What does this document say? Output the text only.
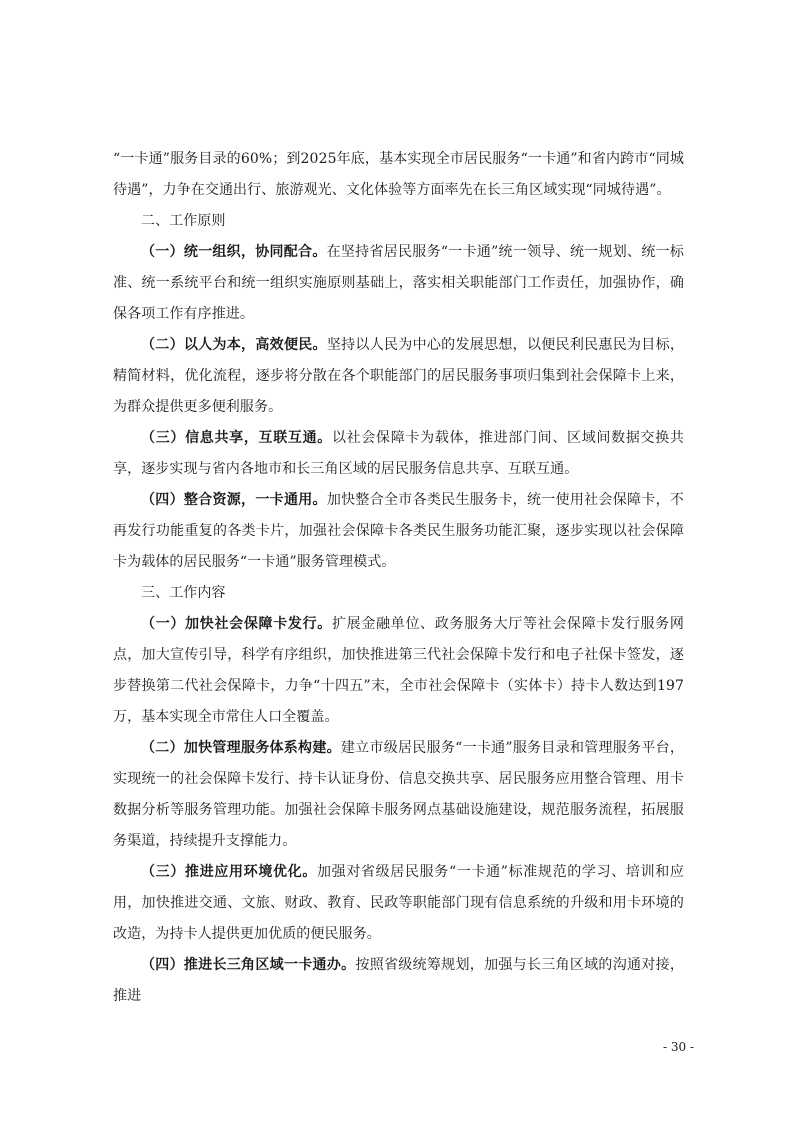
“一卡通”服务目录的60%；到2025年底，基本实现全市居民服务“一卡通”和省内跨市“同城待遇”，力争在交通出行、旅游观光、文化体验等方面率先在长三角区域实现“同城待遇”。

二、工作原则

（一）统一组织，协同配合。在坚持省居民服务“一卡通”统一领导、统一规划、统一标准、统一系统平台和统一组织实施原则基础上，落实相关职能部门工作责任，加强协作，确保各项工作有序推进。

（二）以人为本，高效便民。坚持以人民为中心的发展思想，以便民利民惠民为目标，精简材料，优化流程，逐步将分散在各个职能部门的居民服务事项归集到社会保障卡上来，为群众提供更多便利服务。

（三）信息共享，互联互通。以社会保障卡为载体，推进部门间、区域间数据交换共享，逐步实现与省内各地市和长三角区域的居民服务信息共享、互联互通。

（四）整合资源，一卡通用。加快整合全市各类民生服务卡，统一使用社会保障卡，不再发行功能重复的各类卡片，加强社会保障卡各类民生服务功能汇聚，逐步实现以社会保障卡为载体的居民服务“一卡通”服务管理模式。

三、工作内容

（一）加快社会保障卡发行。扩展金融单位、政务服务大厅等社会保障卡发行服务网点，加大宣传引导，科学有序组织，加快推进第三代社会保障卡发行和电子社保卡签发，逐步替换第二代社会保障卡，力争“十四五”末，全市社会保障卡（实体卡）持卡人数达到197万，基本实现全市常住人口全覆盖。

（二）加快管理服务体系构建。建立市级居民服务“一卡通”服务目录和管理服务平台，实现统一的社会保障卡发行、持卡认证身份、信息交换共享、居民服务应用整合管理、用卡数据分析等服务管理功能。加强社会保障卡服务网点基础设施建设，规范服务流程，拓展服务渠道，持续提升支撑能力。

（三）推进应用环境优化。加强对省级居民服务“一卡通”标准规范的学习、培训和应用，加快推进交通、文旅、财政、教育、民政等职能部门现有信息系统的升级和用卡环境的改造，为持卡人提供更加优质的便民服务。

（四）推进长三角区域一卡通办。按照省级统筹规划，加强与长三角区域的沟通对接，推进

- 30 -
